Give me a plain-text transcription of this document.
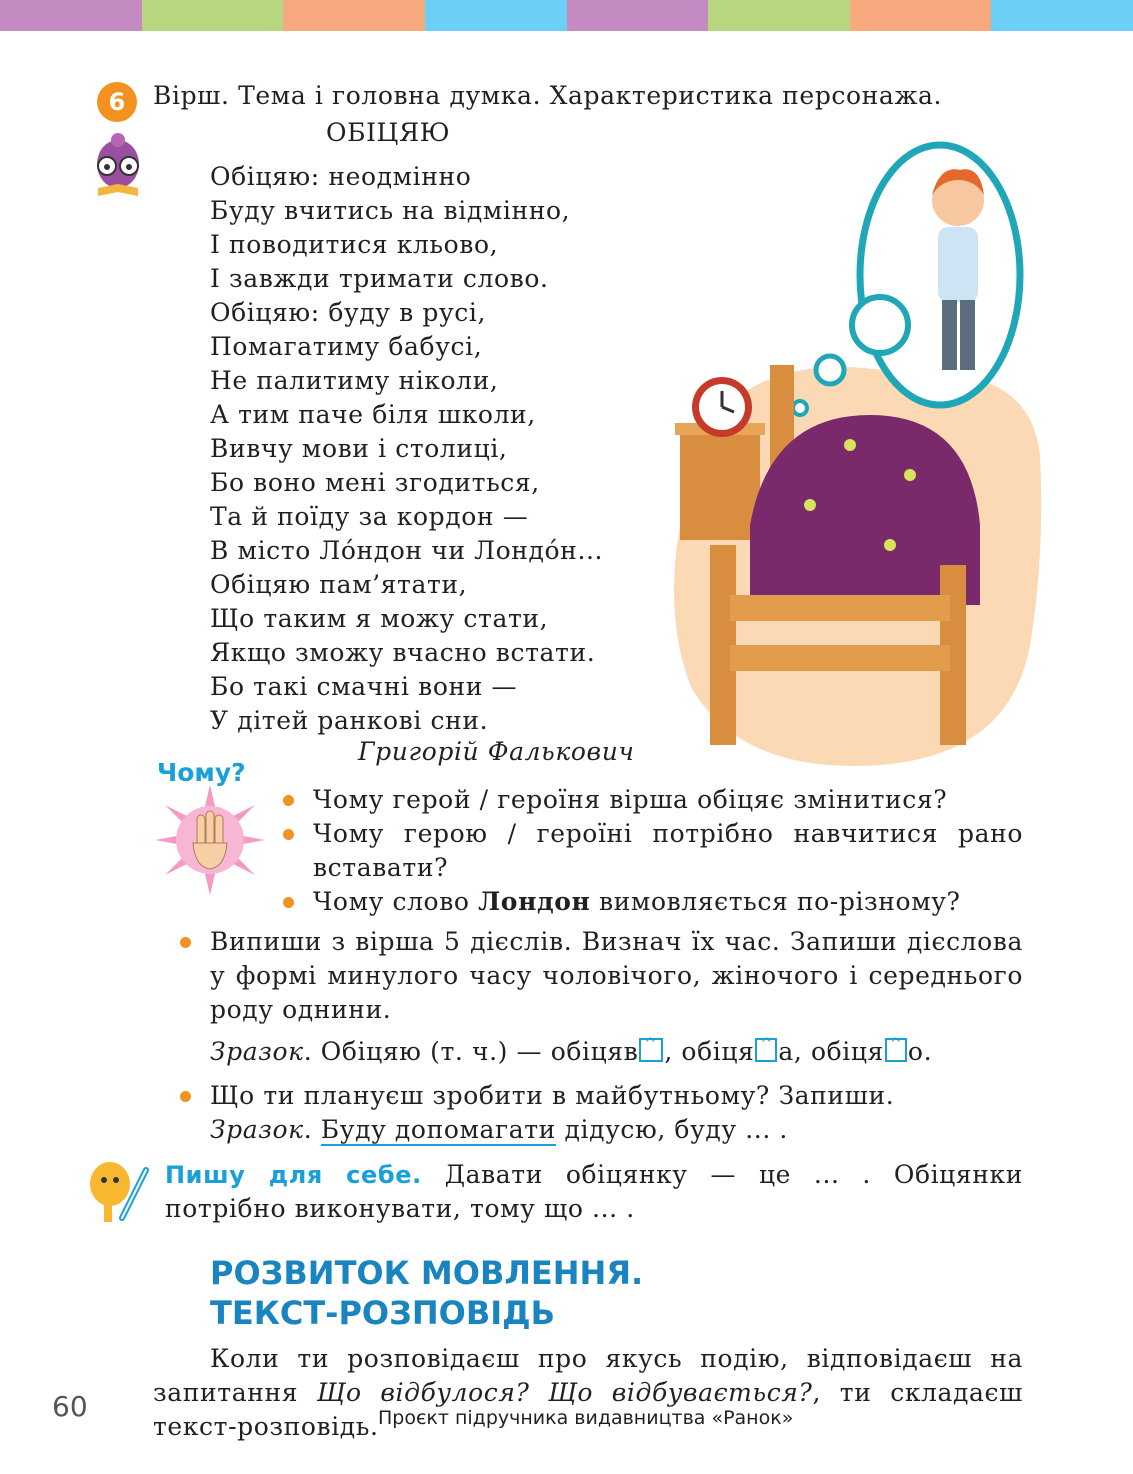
6	Вірш. Тема і головна думка. Характеристика персонажа.
ОБІЦЯЮ
Обіцяю: неодмінно
Буду вчитись на відмінно,
І поводитися кльово,
І завжди тримати слово.
Обіцяю: буду в русі,
Помагатиму бабусі,
Не палитиму ніколи,
А тим паче біля школи,
Вивчу мови і столиці,
Бо воно мені згодиться,
Та й поїду за кордон —
В місто Ло́ндон чи Лондо́н...
Обіцяю пам’ятати,
Що таким я можу стати,
Якщо зможу вчасно встати.
Бо такі смачні вони —
У дітей ранкові сни.
Григорій Фалькович
Чому?
Чому герой / героїня вірша обіцяє змінитися?
Чому герою / героїні потрібно навчитися рано вставати?
Чому слово Лондон вимовляється по-різному?
Випиши з вірша 5 дієслів. Визнач їх час. Запиши дієслова у формі минулого часу чоловічого, жіночого і середнього роду однини.
Зразок. Обіцяю (т. ч.) — обіцяв ^ , обіця ^ а, обіця ^ о.
Що ти плануєш зробити в майбутньому? Запиши.
Зразок. Буду допомагати дідусю, буду ... .
Пишу для себе. Давати обіцянку — це ... . Обіцянки потрібно виконувати, тому що ... .
РОЗВИТОК МОВЛЕННЯ.
ТЕКСТ-РОЗПОВІДЬ
Коли ти розповідаєш про якусь подію, відповідаєш на запитання Що відбулося? Що відбувається?, ти складаєш текст-розповідь.
60	Проєкт підручника видавництва «Ранок»
